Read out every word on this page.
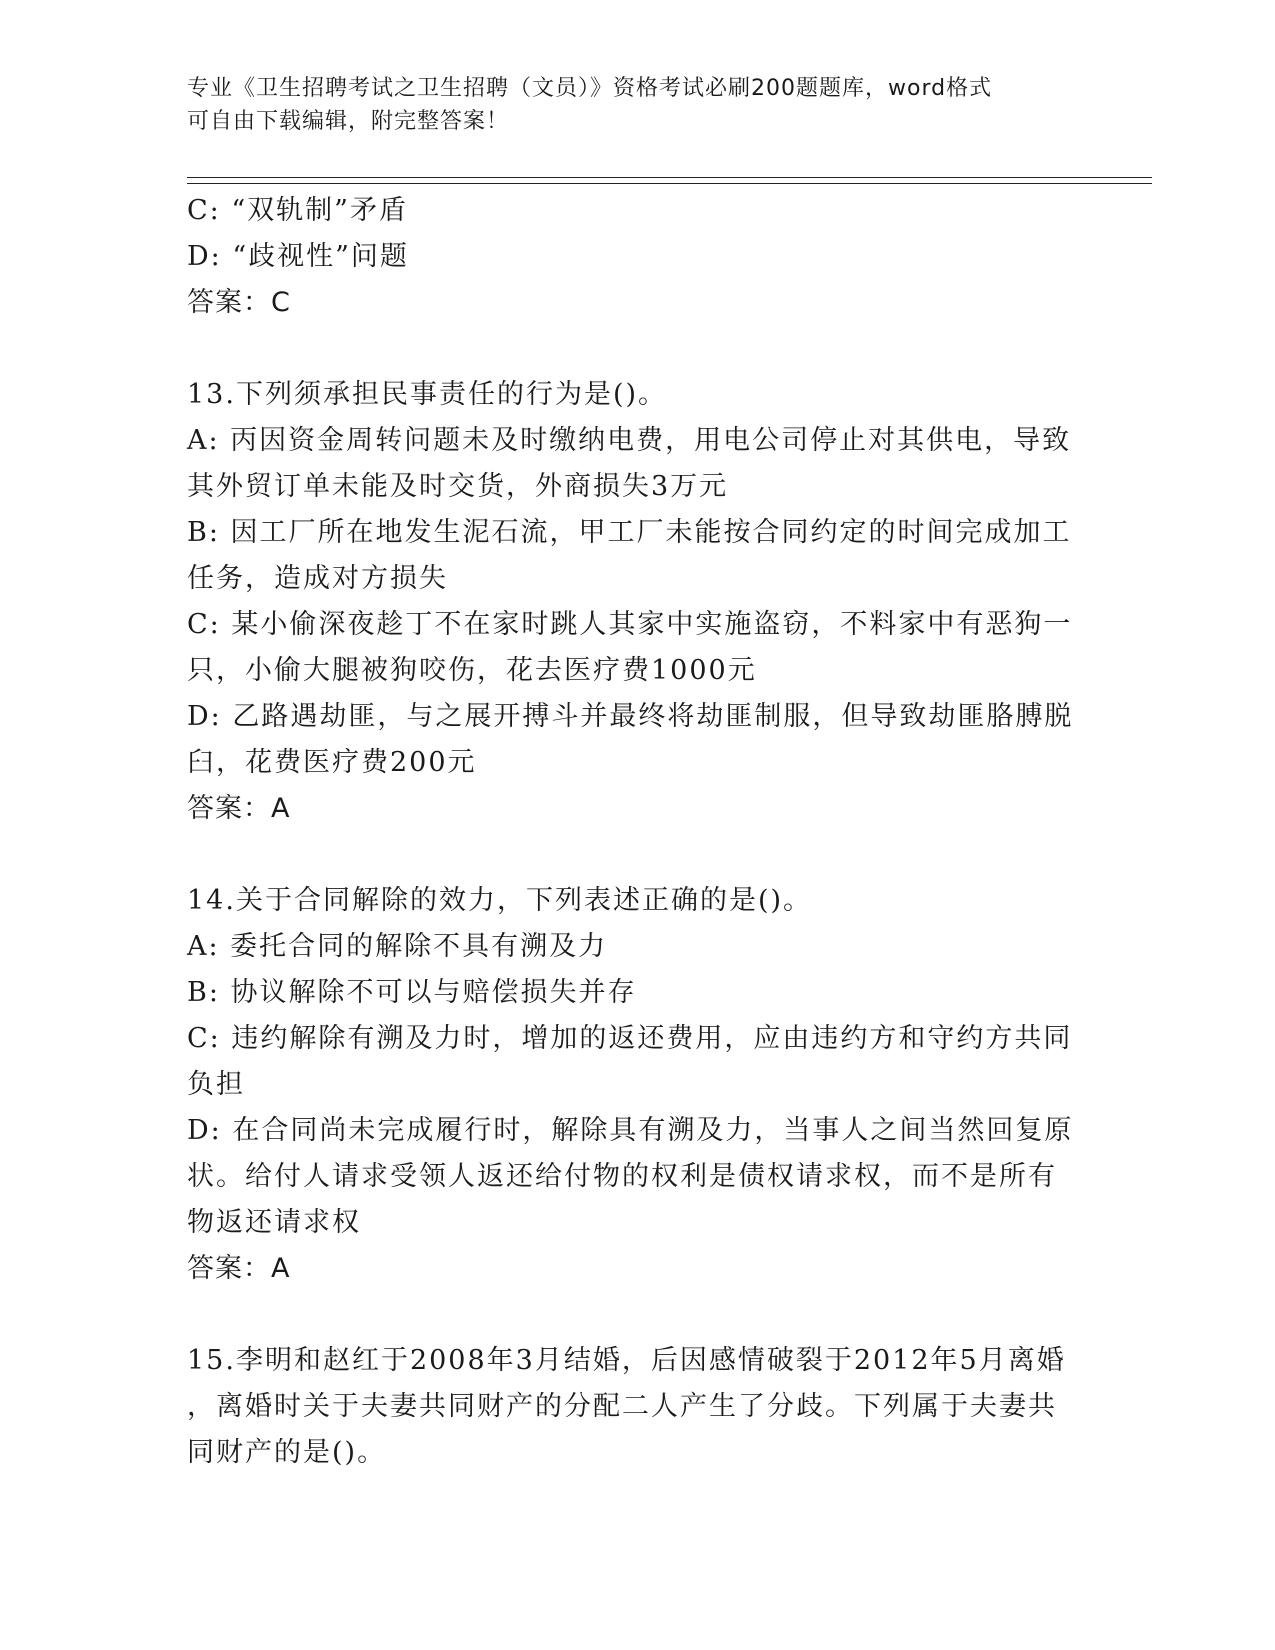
专业《卫生招聘考试之卫生招聘（文员）》资格考试必刷200题题库，word格式
可自由下载编辑，附完整答案！

C: “双轨制”矛盾

D: “歧视性”问题

答案：C

13.下列须承担民事责任的行为是()。

A: 丙因资金周转问题未及时缴纳电费，用电公司停止对其供电，导致

其外贸订单未能及时交货，外商损失3万元

B: 因工厂所在地发生泥石流，甲工厂未能按合同约定的时间完成加工

任务，造成对方损失

C: 某小偷深夜趁丁不在家时跳人其家中实施盗窃，不料家中有恶狗一

只，小偷大腿被狗咬伤，花去医疗费1000元

D: 乙路遇劫匪，与之展开搏斗并最终将劫匪制服，但导致劫匪胳膊脱

臼，花费医疗费200元

答案：A

14.关于合同解除的效力，下列表述正确的是()。

A: 委托合同的解除不具有溯及力

B: 协议解除不可以与赔偿损失并存

C: 违约解除有溯及力时，增加的返还费用，应由违约方和守约方共同

负担

D: 在合同尚未完成履行时，解除具有溯及力，当事人之间当然回复原

状。给付人请求受领人返还给付物的权利是债权请求权，而不是所有

物返还请求权

答案：A

15.李明和赵红于2008年3月结婚，后因感情破裂于2012年5月离婚

，离婚时关于夫妻共同财产的分配二人产生了分歧。下列属于夫妻共

同财产的是()。
